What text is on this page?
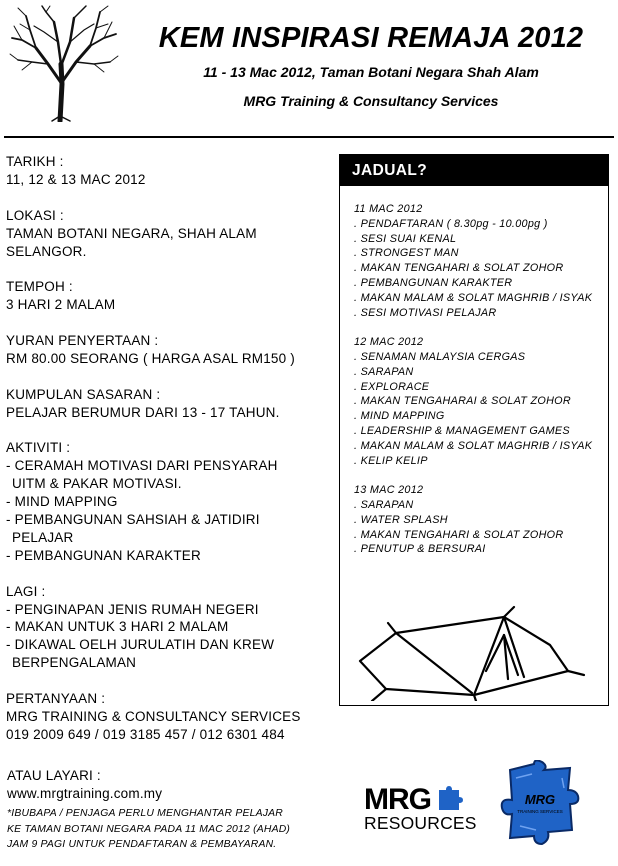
KEM INSPIRASI REMAJA 2012
11 - 13 Mac 2012, Taman Botani Negara Shah Alam
MRG Training & Consultancy Services
TARIKH :
11, 12 & 13 MAC 2012
LOKASI :
TAMAN BOTANI NEGARA, SHAH ALAM
SELANGOR.
TEMPOH :
3 HARI 2 MALAM
YURAN PENYERTAAN :
RM 80.00 SEORANG ( HARGA ASAL RM150 )
KUMPULAN SASARAN :
PELAJAR BERUMUR DARI 13 - 17 TAHUN.
AKTIVITI :
- CERAMAH MOTIVASI DARI PENSYARAH
UITM & PAKAR MOTIVASI.
- MIND MAPPING
- PEMBANGUNAN SAHSIAH & JATIDIRI
PELAJAR
- PEMBANGUNAN KARAKTER
LAGI :
- PENGINAPAN JENIS RUMAH NEGERI
- MAKAN UNTUK 3 HARI 2 MALAM
- DIKAWAL OELH JURULATIH DAN KREW
BERPENGALAMAN
PERTANYAAN :
MRG TRAINING & CONSULTANCY SERVICES
019 2009 649 / 019 3185 457 / 012 6301 484
ATAU LAYARI :
www.mrgtraining.com.my
*IBUBAPA / PENJAGA PERLU MENGHANTAR PELAJAR
KE TAMAN BOTANI NEGARA PADA 11 MAC 2012 (AHAD)
JAM 9 PAGI UNTUK PENDAFTARAN & PEMBAYARAN.
JADUAL?
11 MAC 2012
. PENDAFTARAN ( 8.30pg - 10.00pg )
. SESI SUAI KENAL
. STRONGEST MAN
. MAKAN TENGAHARI & SOLAT ZOHOR
. PEMBANGUNAN KARAKTER
. MAKAN MALAM & SOLAT MAGHRIB / ISYAK
. SESI MOTIVASI PELAJAR
12 MAC 2012
. SENAMAN MALAYSIA CERGAS
. SARAPAN
. EXPLORACE
. MAKAN TENGAHARAI & SOLAT ZOHOR
. MIND MAPPING
. LEADERSHIP & MANAGEMENT GAMES
. MAKAN MALAM & SOLAT MAGHRIB / ISYAK
. KELIP KELIP
13 MAC 2012
. SARAPAN
. WATER SPLASH
. MAKAN TENGAHARI & SOLAT ZOHOR
. PENUTUP & BERSURAI
MRG
RESOURCES
MRG
TRAINING SERVICES
